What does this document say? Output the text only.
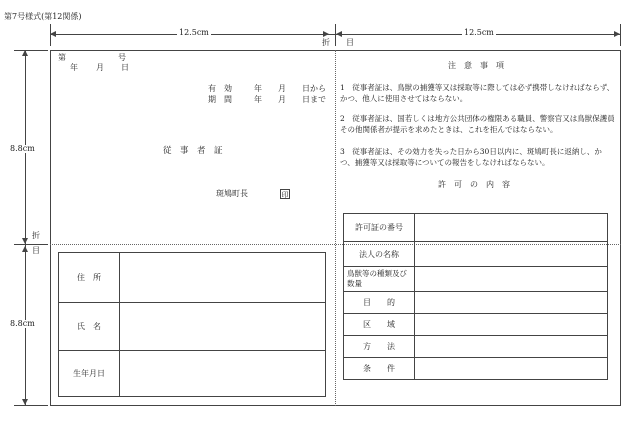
第7号様式(第12関係)
12.5cm	12.5cm
折 目
8.8cm
8.8cm
折
目
第	号
年 月 日
有　効
期　間
年　　月　　日から
年　　月　　日まで
従　事　者　証
斑鳩町長	印
注　意　事　項
1　従事者証は、鳥獣の捕獲等又は採取等に際しては必ず携帯しなければならず、かつ、他人に使用させてはならない。
2　従事者証は、国若しくは地方公共団体の権限ある職員、警察官又は鳥獣保護員その他関係者が提示を求めたときは、これを拒んではならない。
3　従事者証は、その効力を失った日から30日以内に、斑鳩町長に返納し、かつ、捕獲等又は採取等についての報告をしなければならない。
許　可　の　内　容
許可証の番号	
法人の名称	
鳥獣等の種類及び数量	
目　　的	
区　　域	
方　　法	
条　　件	
住　所	
氏　名	
生年月日	
